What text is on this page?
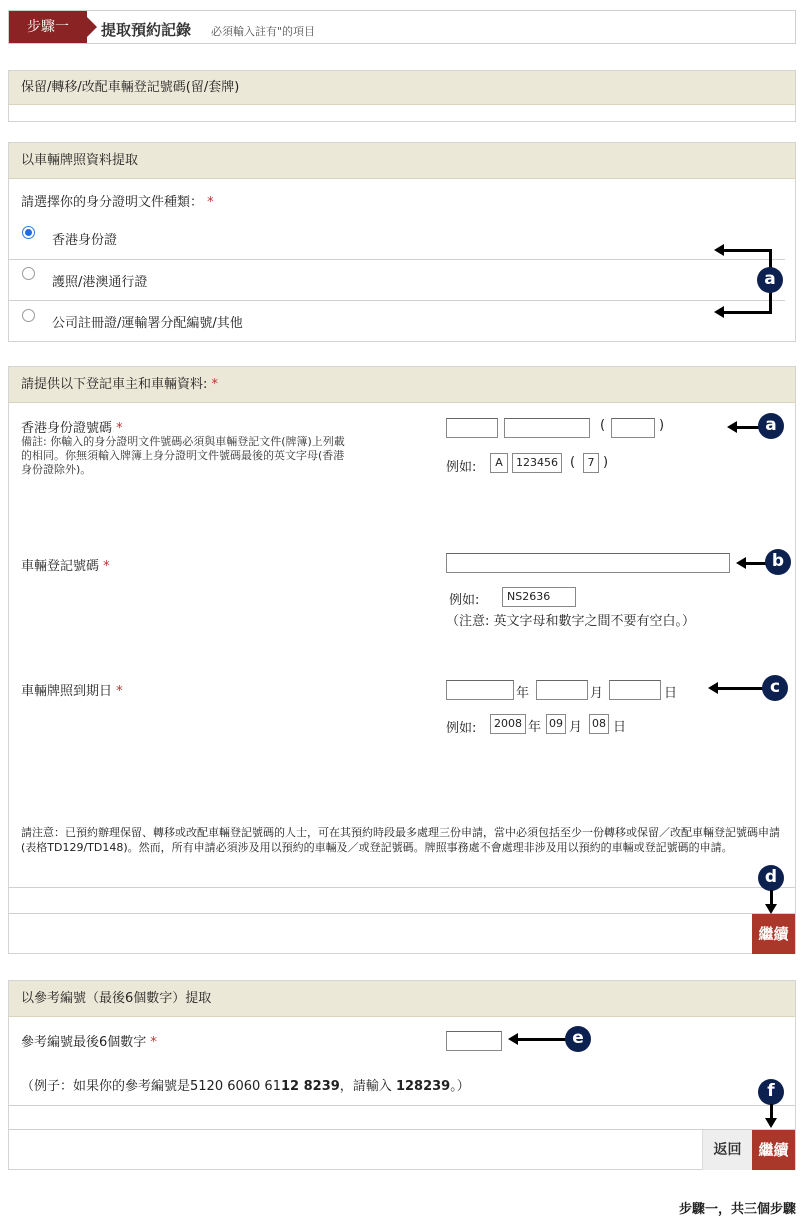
步驟一	提取預約記錄 必須輸入註有"的項目
保留/轉移/改配車輛登記號碼(留/套牌)
以車輛牌照資料提取
請選擇你的身分證明文件種類： *
香港身份證
護照/港澳通行證
公司註冊證/運輸署分配編號/其他
a
請提供以下登記車主和車輛資料: *
香港身份證號碼 *
備註: 你輸入的身分證明文件號碼必須與車輛登記文件(牌簿)上列載的相同。你無須輸入牌簿上身分證明文件號碼最後的英文字母(香港身份證除外)。
(	)
例如:	A	123456 (	7 )
車輛登記號碼 *
例如:	NS2636
（注意: 英文字母和數字之間不要有空白。）
車輛牌照到期日 *	年	月	日
例如:	2008 年 09 月 08 日
請注意：已預約辦理保留、轉移或改配車輛登記號碼的人士，可在其預約時段最多處理三份申請，當中必須包括至少一份轉移或保留／改配車輛登記號碼申請(表格TD129/TD148)。然而，所有申請必須涉及用以預約的車輛及／或登記號碼。牌照事務處不會處理非涉及用以預約的車輛或登記號碼的申請。
繼續
a
b
c
d
以參考編號（最後6個數字）提取
參考編號最後6個數字 *
（例子：如果你的參考編號是5120 6060 6112 8239，請輸入 128239。）
返回	繼續
e
f
步驟一，共三個步驟
